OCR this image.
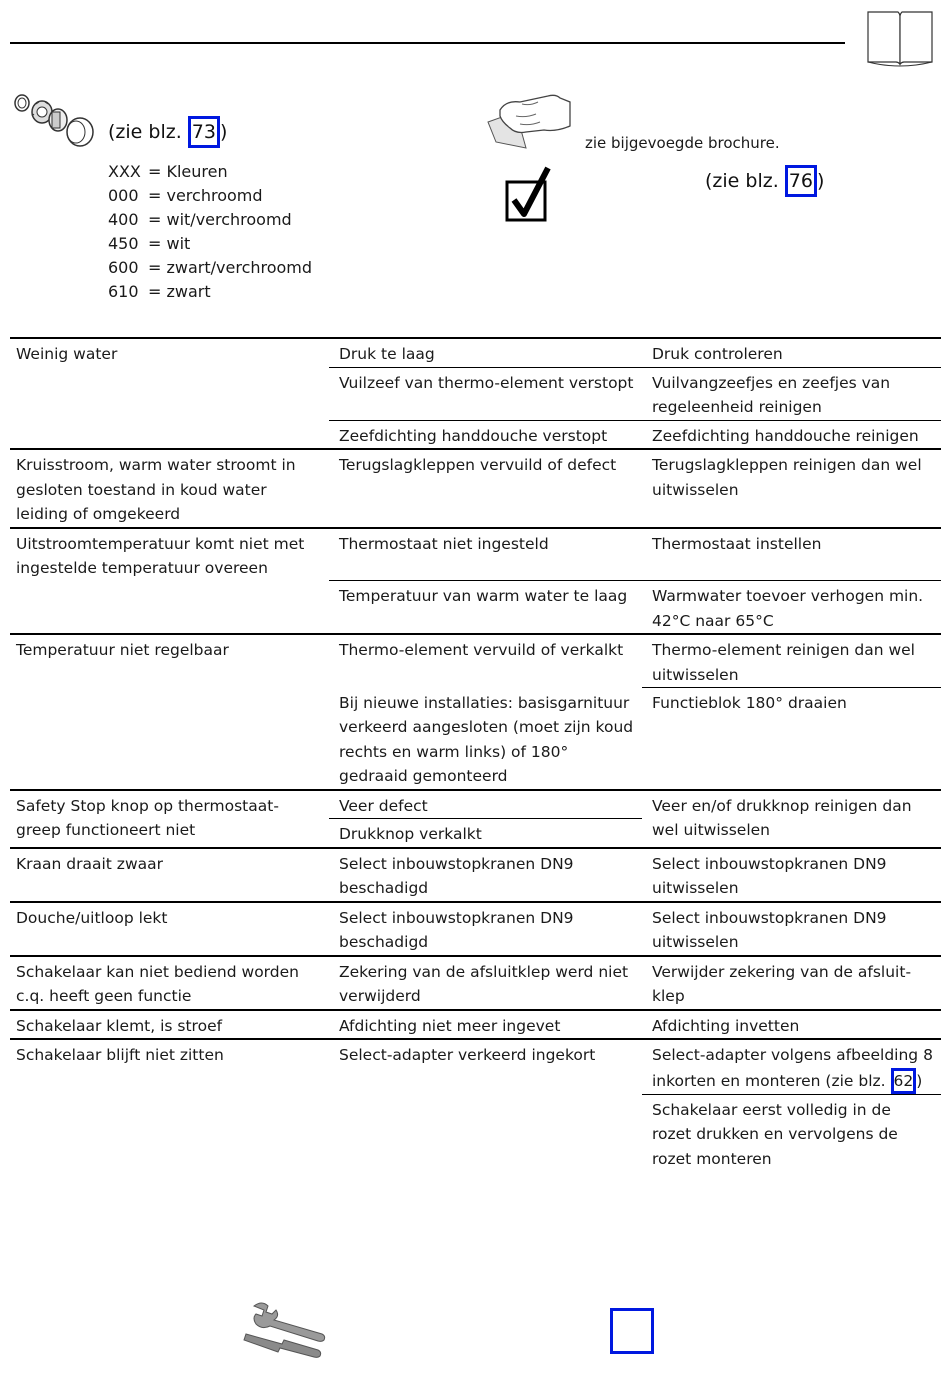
(zie blz. 73 )
XXX = Kleuren
000 = verchroomd
400 = wit/verchroomd
450 = wit
600 = zwart/verchroomd
610 = zwart
zie bijgevoegde brochure.
(zie blz. 76 )
Weinig water	Druk te laag	Druk controleren
	Vuilzeef van thermo-element verstopt	Vuilvangzeefjes en zeefjes van regeleenheid reinigen
	Zeefdichting handdouche verstopt	Zeefdichting handdouche reinigen
Kruisstroom, warm water stroomt in gesloten toestand in koud water leiding of omgekeerd	Terugslagkleppen vervuild of defect	Terugslagkleppen reinigen dan wel uitwisselen
Uitstroomtemperatuur komt niet met ingestelde temperatuur overeen	Thermostaat niet ingesteld	Thermostaat instellen
	Temperatuur van warm water te laag	Warmwater toevoer verhogen min. 42°C naar 65°C
Temperatuur niet regelbaar	Thermo-element vervuild of verkalkt	Thermo-element reinigen dan wel uitwisselen
	Bij nieuwe installaties: basisgarnituur verkeerd aangesloten (moet zijn koud rechts en warm links) of 180° gedraaid gemonteerd	Functieblok 180° draaien
Safety Stop knop op thermostaat-greep functioneert niet	Veer defect	Veer en/of drukknop reinigen dan wel uitwisselen
	Drukknop verkalkt	
Kraan draait zwaar	Select inbouwstopkranen DN9 beschadigd	Select inbouwstopkranen DN9 uitwisselen
Douche/uitloop lekt	Select inbouwstopkranen DN9 beschadigd	Select inbouwstopkranen DN9 uitwisselen
Schakelaar kan niet bediend worden c.q. heeft geen functie	Zekering van de afsluitklep werd niet verwijderd	Verwijder zekering van de afsluit-klep
Schakelaar klemt, is stroef	Afdichting niet meer ingevet	Afdichting invetten
Schakelaar blijft niet zitten	Select-adapter verkeerd ingekort	Select-adapter volgens afbeelding 8 inkorten en monteren (zie blz. 62 )
		Schakelaar eerst volledig in de rozet drukken en vervolgens de rozet monteren
